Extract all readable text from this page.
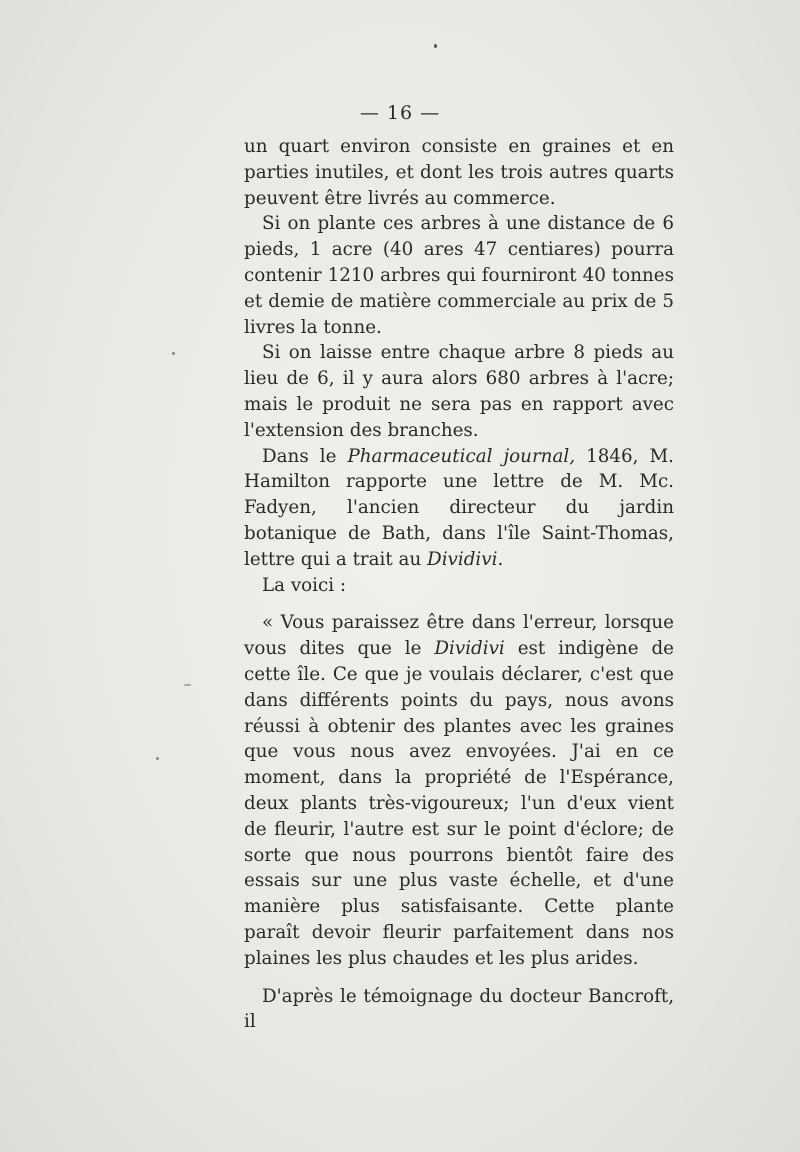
— 16 —

un quart environ consiste en graines et en parties inutiles, et dont les trois autres quarts peuvent être livrés au commerce.

Si on plante ces arbres à une distance de 6 pieds, 1 acre (40 ares 47 centiares) pourra contenir 1210 arbres qui fourniront 40 tonnes et demie de matière commerciale au prix de 5 livres la tonne.

Si on laisse entre chaque arbre 8 pieds au lieu de 6, il y aura alors 680 arbres à l'acre; mais le produit ne sera pas en rapport avec l'extension des branches.

Dans le Pharmaceutical journal, 1846, M. Hamilton rapporte une lettre de M. Mc. Fadyen, l'ancien directeur du jardin botanique de Bath, dans l'île Saint-Thomas, lettre qui a trait au Dividivi.

La voici :

« Vous paraissez être dans l'erreur, lorsque vous dites que le Dividivi est indigène de cette île. Ce que je voulais déclarer, c'est que dans différents points du pays, nous avons réussi à obtenir des plantes avec les graines que vous nous avez envoyées. J'ai en ce moment, dans la propriété de l'Espérance, deux plants très-vigoureux; l'un d'eux vient de fleurir, l'autre est sur le point d'éclore; de sorte que nous pourrons bientôt faire des essais sur une plus vaste échelle, et d'une manière plus satisfaisante. Cette plante paraît devoir fleurir parfaitement dans nos plaines les plus chaudes et les plus arides.

D'après le témoignage du docteur Bancroft, il
